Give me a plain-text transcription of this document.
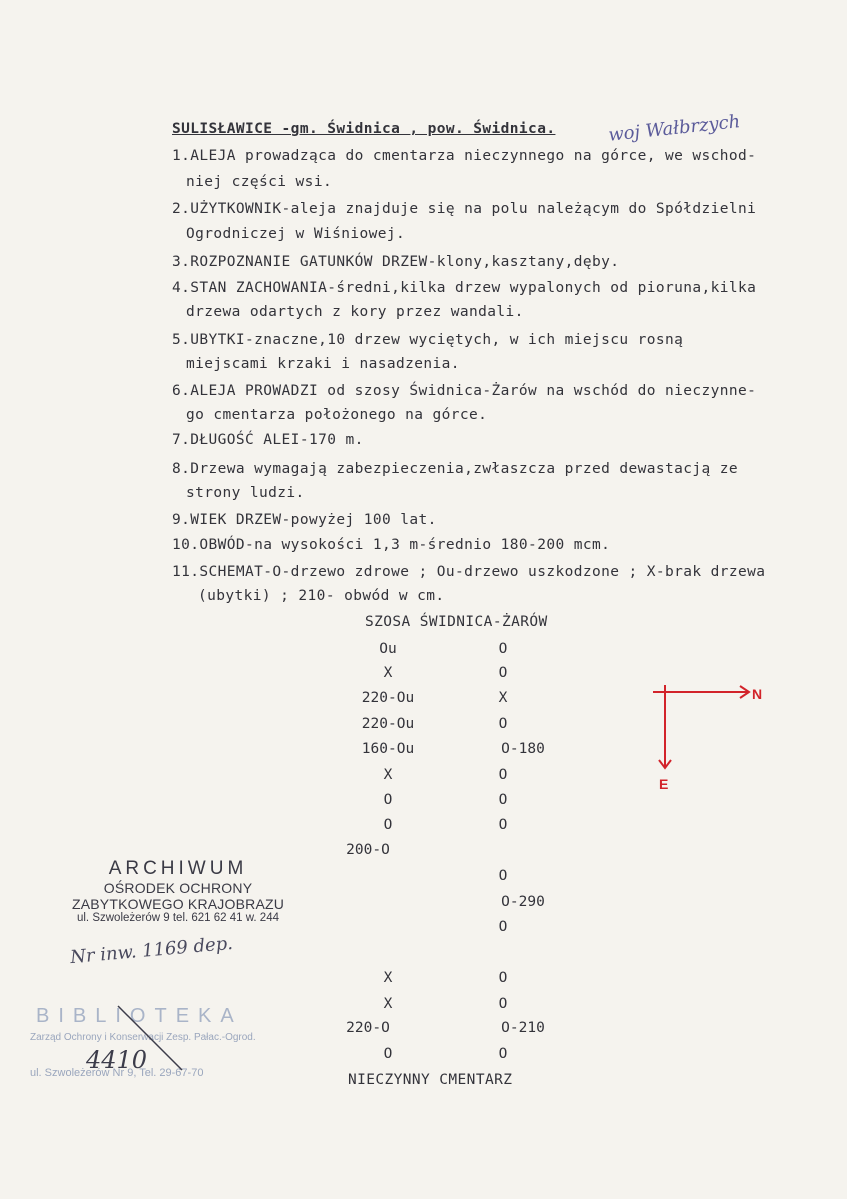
SULISŁAWICE -gm. Świdnica , pow. Świdnica.	woj Wałbrzych
1.ALEJA prowadząca do cmentarza nieczynnego na górce, we wschod-
niej części wsi.
2.UŻYTKOWNIK-aleja znajduje się na polu należącym do Spółdzielni
Ogrodniczej w Wiśniowej.
3.ROZPOZNANIE GATUNKÓW DRZEW-klony,kasztany,dęby.
4.STAN ZACHOWANIA-średni,kilka drzew wypalonych od pioruna,kilka
drzewa odartych z kory przez wandali.
5.UBYTKI-znaczne,10 drzew wyciętych, w ich miejscu rosną
miejscami krzaki i nasadzenia.
6.ALEJA PROWADZI od szosy Świdnica-Żarów na wschód do nieczynne-
go cmentarza położonego na górce.
7.DŁUGOŚĆ ALEI-170 m.
8.Drzewa wymagają zabezpieczenia,zwłaszcza przed dewastacją ze
strony ludzi.
9.WIEK DRZEW-powyżej 100 lat.
10.OBWÓD-na wysokości 1,3 m-średnio 180-200 mcm.
11.SCHEMAT-O-drzewo zdrowe ; Ou-drzewo uszkodzone ; X-brak drzewa
(ubytki) ; 210- obwód w cm.
SZOSA ŚWIDNICA-ŻARÓW
Ou
X
220-Ou
220-Ou
160-Ou
X
O
O
200-O
X
X
220-O
O
O
O
X
O
O-180
O
O
O
O
O-290
O
O
O
O-210
O
NIECZYNNY CMENTARZ
N
E
ARCHIWUM
OŚRODEK OCHRONY
ZABYTKOWEGO KRAJOBRAZU
ul. Szwoleżerów 9 tel. 621 62 41 w. 244
Nr inw. 1169 dep.
BIBLIOTEKA
Zarząd Ochrony i Konserwacji Zesp. Pałac.-Ogrod.
ul. Szwoleżerów Nr 9, Tel. 29-67-70
4410
